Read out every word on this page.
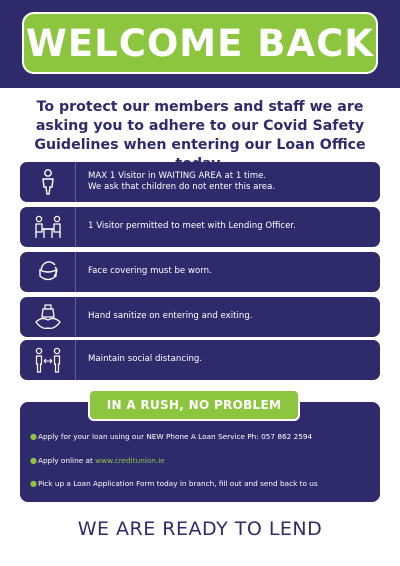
WELCOME BACK
To protect our members and staff we are
asking you to adhere to our Covid Safety
Guidelines when entering our Loan Office
MAX 1 Visitor in WAITING AREA at 1 time.
We ask that children do not enter this area.
1 Visitor permitted to meet with Lending Officer.
Face covering must be worn.
Hand sanitize on entering and exiting.
Maintain social distancing.
IN A RUSH, NO PROBLEM
● Apply for your loan using our NEW Phone A Loan Service Ph: 057 862 2594
● Apply online at www.creditunion.ie
● Pick up a Loan Application Form today in branch, fill out and send back to us
WE ARE READY TO LEND
